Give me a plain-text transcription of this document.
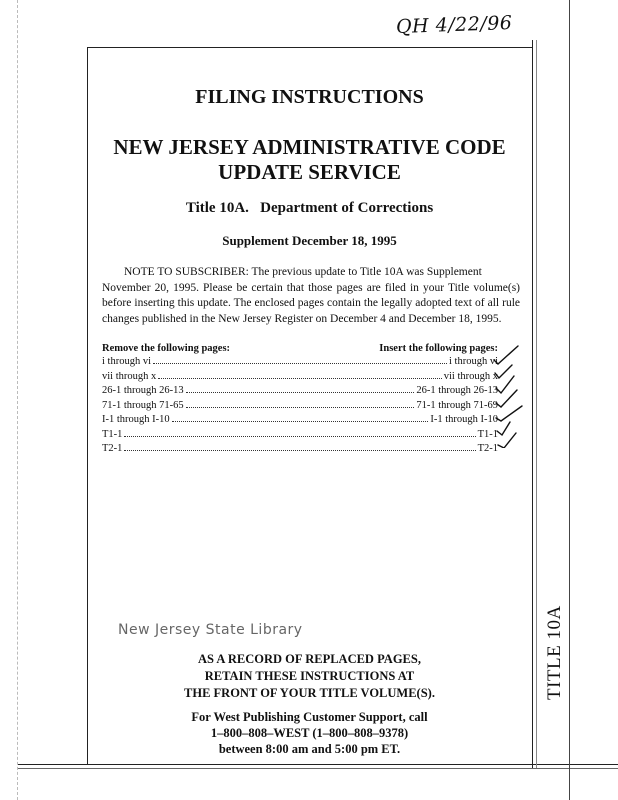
QH 4/22/96
FILING INSTRUCTIONS
NEW JERSEY ADMINISTRATIVE CODE
UPDATE SERVICE
Title 10A.   Department of Corrections
Supplement December 18, 1995
NOTE TO SUBSCRIBER: The previous update to Title 10A was Supplement
November 20, 1995. Please be certain that those pages are filed in your Title volume(s) before inserting this update. The enclosed pages contain the legally adopted text of all rule changes published in the New Jersey Register on December 4 and December 18, 1995.
Remove the following pages:	Insert the following pages:
i through vi	i through vi
vii through x	vii through x
26-1 through 26-13	26-1 through 26-13
71-1 through 71-65	71-1 through 71-69
I-1 through I-10	I-1 through I-10
T1-1	T1-1
T2-1	T2-1
New Jersey State Library
AS A RECORD OF REPLACED PAGES,
RETAIN THESE INSTRUCTIONS AT
THE FRONT OF YOUR TITLE VOLUME(S).
For West Publishing Customer Support, call
1–800–808–WEST (1–800–808–9378)
between 8:00 am and 5:00 pm ET.
TITLE 10A
